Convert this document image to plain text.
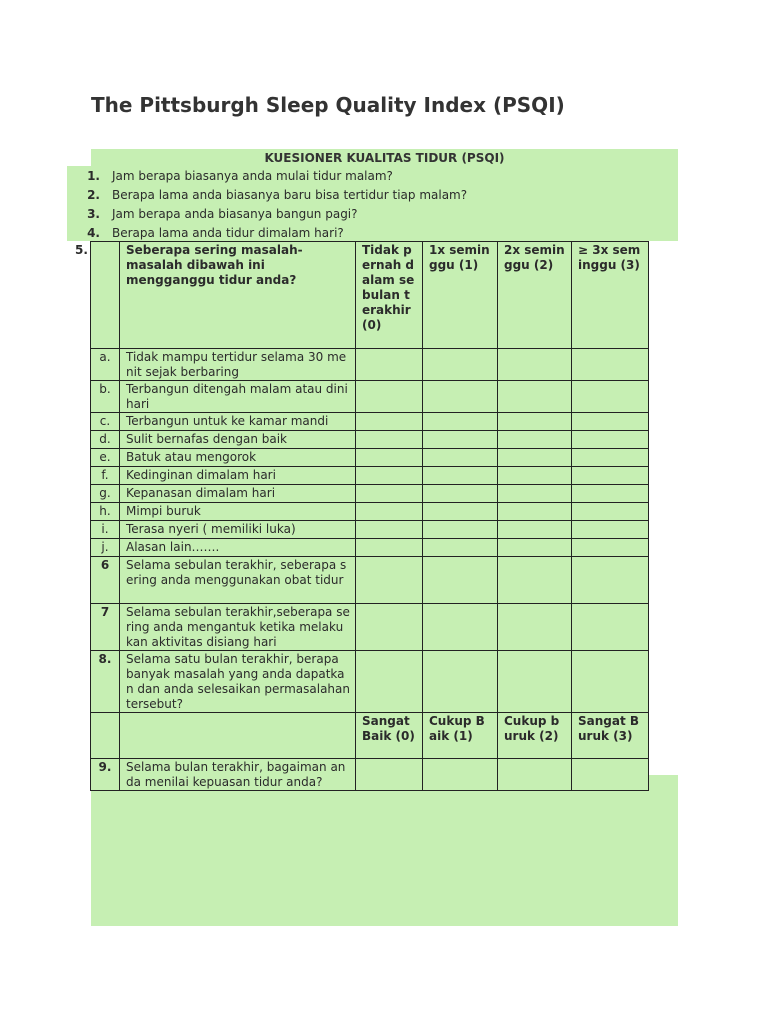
The Pittsburgh Sleep Quality Index (PSQI)
KUESIONER KUALITAS TIDUR (PSQI)
1.	Jam berapa biasanya anda mulai tidur malam?
2.	Berapa lama anda biasanya baru bisa tertidur tiap malam?
3.	Jam berapa anda biasanya bangun pagi?
4.	Berapa lama anda tidur dimalam hari?
5.
		Seberapa sering masalah-masalah dibawah ini mengganggu tidur anda?	Tidak pernah dalam sebulan terakhir (0)	1x seminggu (1)	2x seminggu (2)	≥ 3x seminggu (3)
a.	Tidak mampu tertidur selama 30 menit sejak berbaring				
b.	Terbangun ditengah malam atau dini hari				
c.	Terbangun untuk ke kamar mandi				
d.	Sulit bernafas dengan baik				
e.	Batuk atau mengorok				
f.	Kedinginan dimalam hari				
g.	Kepanasan dimalam hari				
h.	Mimpi buruk				
i.	Terasa nyeri ( memiliki luka)				
j.	Alasan lain…….				
6	Selama sebulan terakhir, seberapa sering anda menggunakan obat tidur				
7	Selama sebulan terakhir,seberapa sering anda mengantuk ketika melakukan aktivitas disiang hari				
8.	Selama satu bulan terakhir, berapa banyak masalah yang anda dapatkan dan anda selesaikan permasalahan tersebut?				
		Sangat Baik (0)	Cukup Baik (1)	Cukup buruk (2)	Sangat Buruk (3)
9.	Selama bulan terakhir, bagaiman anda menilai kepuasan tidur anda?				
